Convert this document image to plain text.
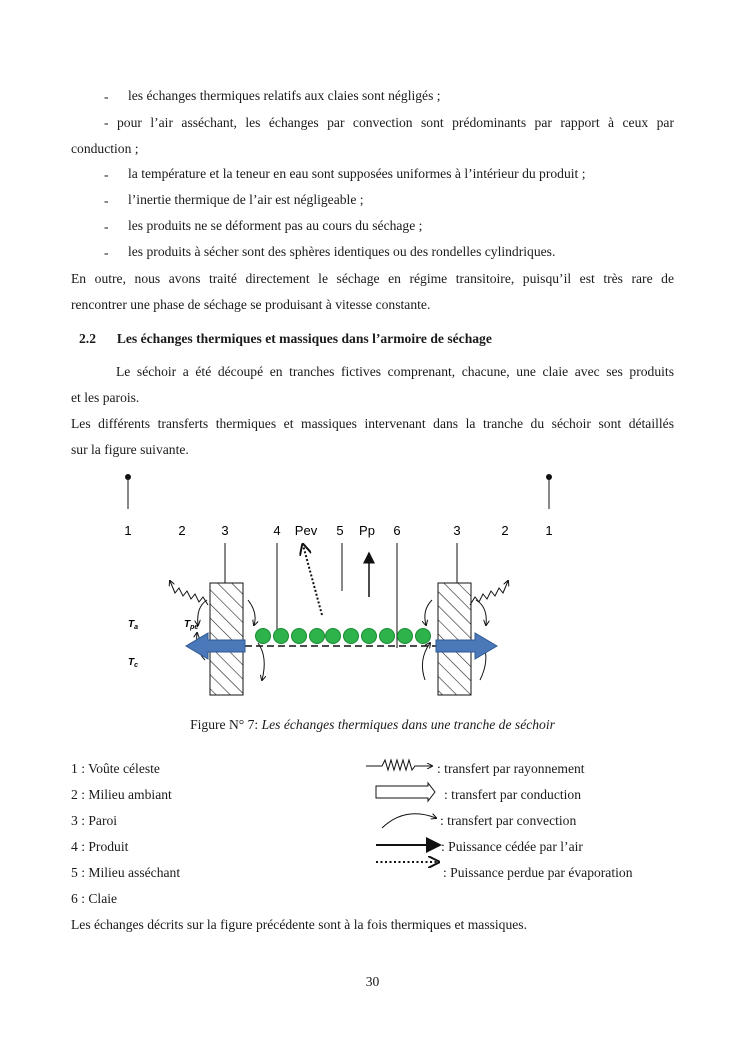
- les échanges thermiques relatifs aux claies sont négligés ;
- pour l’air asséchant, les échanges par convection sont prédominants par rapport à ceux par
conduction ;
- la température et la teneur en eau sont supposées uniformes à l’intérieur du produit ;
- l’inertie thermique de l’air est négligeable ;
- les produits ne se déforment pas au cours du séchage ;
- les produits à sécher sont des sphères identiques ou des rondelles cylindriques.
En outre, nous avons traité directement le séchage en régime transitoire, puisqu’il est très rare de
rencontrer une phase de séchage se produisant à vitesse constante.
2.2 Les échanges thermiques et massiques dans l’armoire de séchage
Le séchoir a été découpé en tranches fictives comprenant, chacune, une claie avec ses produits
et les parois.
Les différents transferts thermiques et massiques intervenant dans la tranche du séchoir sont détaillés
sur la figure suivante.
1	2	3	4 Pev 5 Pp 6	3	2	1
$T_a$	$T_{pe}$
$T_c$
Figure N° 7: Les échanges thermiques dans une tranche de séchoir
1 : Voûte céleste
2 : Milieu ambiant
3 : Paroi
4 : Produit
5 : Milieu asséchant
6 : Claie
: transfert par rayonnement
: transfert par conduction
: transfert par convection
: Puissance cédée par l’air
: Puissance perdue par évaporation
Les échanges décrits sur la figure précédente sont à la fois thermiques et massiques.
30
